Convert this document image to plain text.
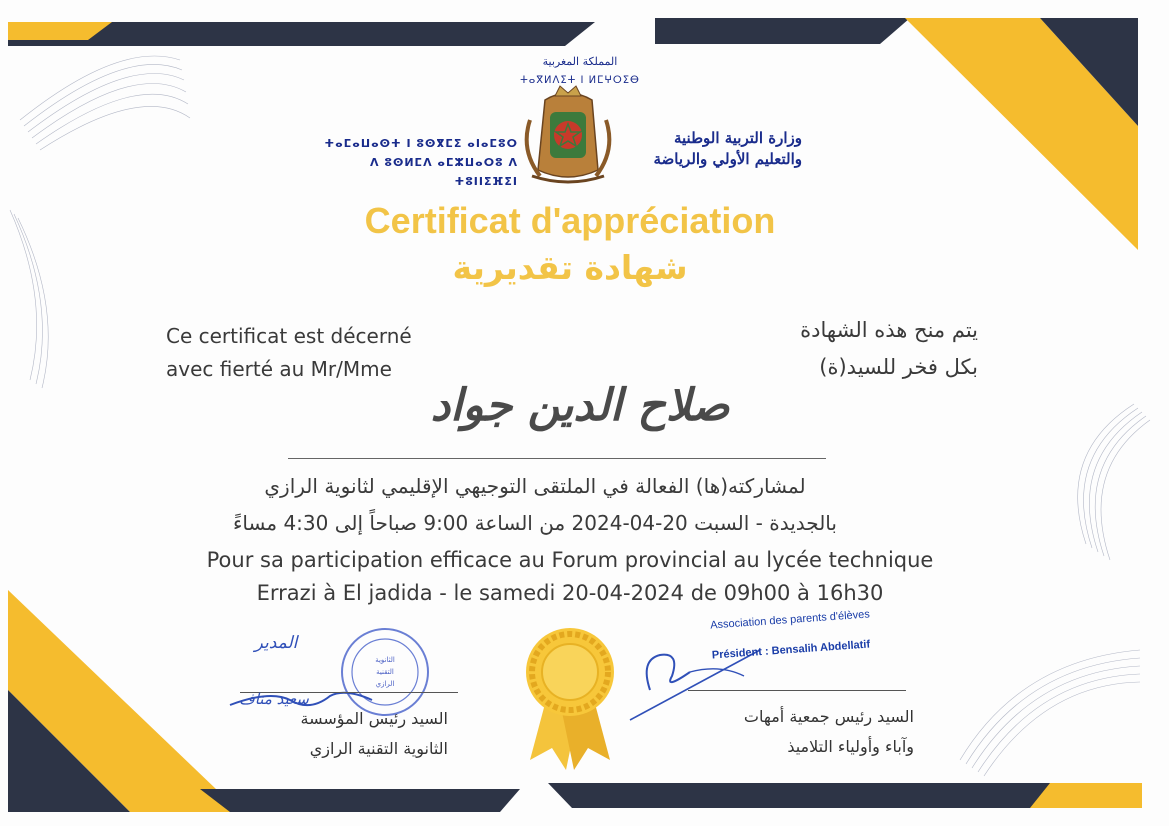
الثانوية
التقنية
الرازي
المملكة المغربية
ⵜⴰⴳⵍⴷⵉⵜ ⵏ ⵍⵎⵖⵔⵉⴱ
وزارة التربية الوطنية
والتعليم الأولي والرياضة
ⵜⴰⵎⴰⵡⴰⵙⵜ ⵏ ⵓⵙⴳⵎⵉ ⴰⵏⴰⵎⵓⵔ
ⴷ ⵓⵙⵍⵎⴷ ⴰⵎⵣⵡⴰⵔⵓ ⴷ ⵜⵓⵏⵏⵉⴼⵉⵏ
Certificat d'appréciation
شهادة تقديرية
Ce certificat est décerné
avec fierté au Mr/Mme
يتم منح هذه الشهادة
بكل فخر للسيد(ة)
صلاح الدين جواد
لمشاركته(ها) الفعالة في الملتقى التوجيهي الإقليمي لثانوية الرازي
بالجديدة - السبت 20-04-2024 من الساعة 9:00 صباحاً إلى 4:30 مساءً
Pour sa participation efficace au Forum provincial au lycée technique
Errazi à El jadida - le samedi 20-04-2024 de 09h00 à 16h30
المدير
سعيد مناف
السيد رئيس المؤسسة
الثانوية التقنية الرازي
Association des parents d'élèves
Président : Bensalih Abdellatif
السيد رئيس جمعية أمهات
وآباء وأولياء التلاميذ
